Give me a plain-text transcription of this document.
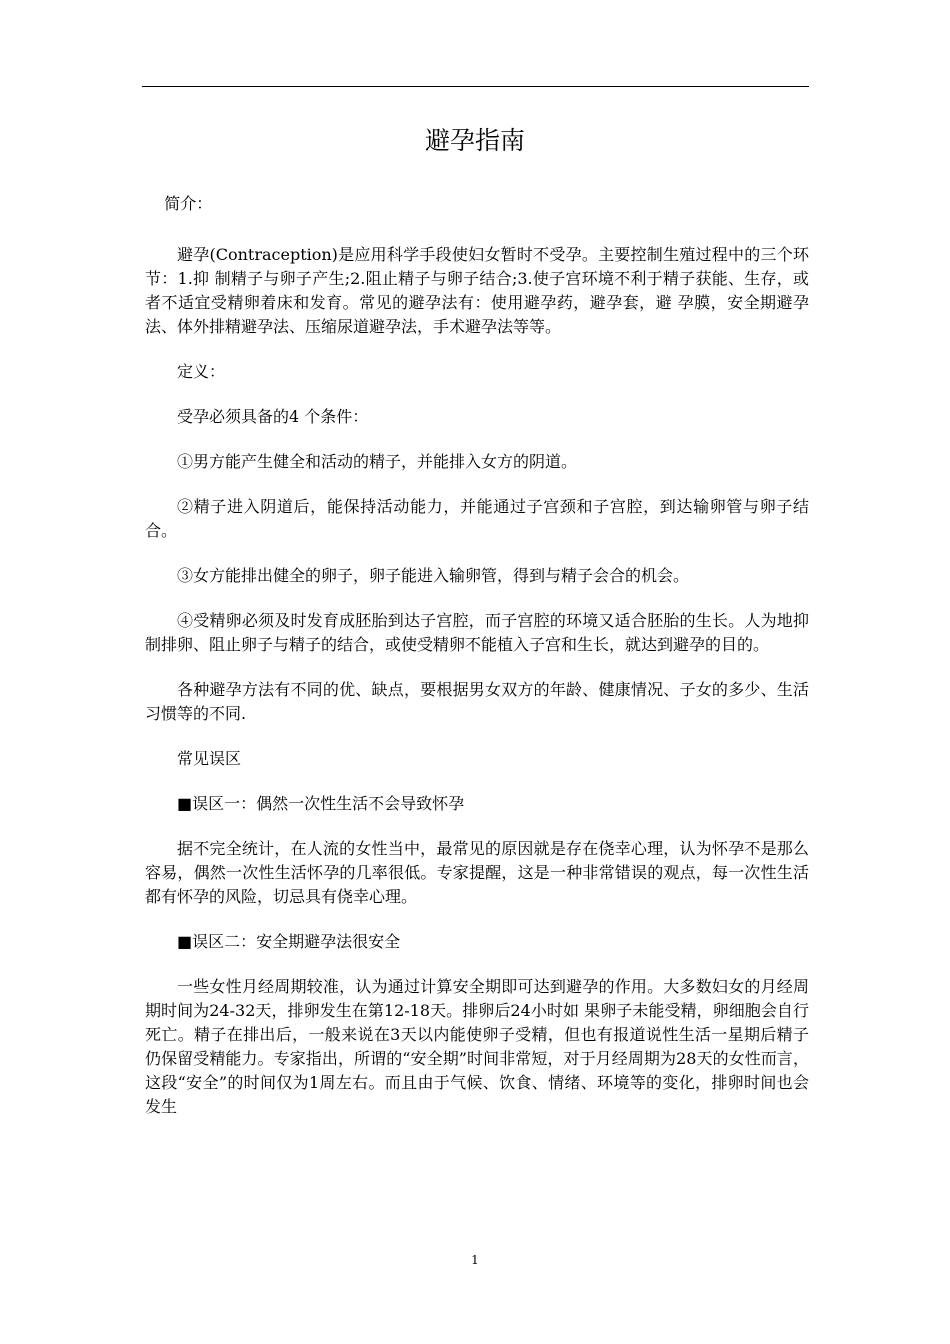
避孕指南

简介：

避孕(Contraception)是应用科学手段使妇女暂时不受孕。主要控制生殖过程中的三个环节：1.抑 制精子与卵子产生;2.阻止精子与卵子结合;3.使子宫环境不利于精子获能、生存，或者不适宜受精卵着床和发育。常见的避孕法有：使用避孕药，避孕套，避 孕膜，安全期避孕法、体外排精避孕法、压缩尿道避孕法，手术避孕法等等。

定义：

受孕必须具备的4 个条件：

①男方能产生健全和活动的精子，并能排入女方的阴道。

②精子进入阴道后，能保持活动能力，并能通过子宫颈和子宫腔，到达输卵管与卵子结合。

③女方能排出健全的卵子，卵子能进入输卵管，得到与精子会合的机会。

④受精卵必须及时发育成胚胎到达子宫腔，而子宫腔的环境又适合胚胎的生长。人为地抑制排卵、阻止卵子与精子的结合，或使受精卵不能植入子宫和生长，就达到避孕的目的。

各种避孕方法有不同的优、缺点，要根据男女双方的年龄、健康情况、子女的多少、生活习惯等的不同.

常见误区

■误区一：偶然一次性生活不会导致怀孕

据不完全统计，在人流的女性当中，最常见的原因就是存在侥幸心理，认为怀孕不是那么容易，偶然一次性生活怀孕的几率很低。专家提醒，这是一种非常错误的观点，每一次性生活都有怀孕的风险，切忌具有侥幸心理。

■误区二：安全期避孕法很安全

一些女性月经周期较准，认为通过计算安全期即可达到避孕的作用。大多数妇女的月经周期时间为24-32天，排卵发生在第12-18天。排卵后24小时如 果卵子未能受精，卵细胞会自行死亡。精子在排出后，一般来说在3天以内能使卵子受精，但也有报道说性生活一星期后精子仍保留受精能力。专家指出，所谓的“安全期”时间非常短，对于月经周期为28天的女性而言，这段“安全”的时间仅为1周左右。而且由于气候、饮食、情绪、环境等的变化，排卵时间也会发生

1
